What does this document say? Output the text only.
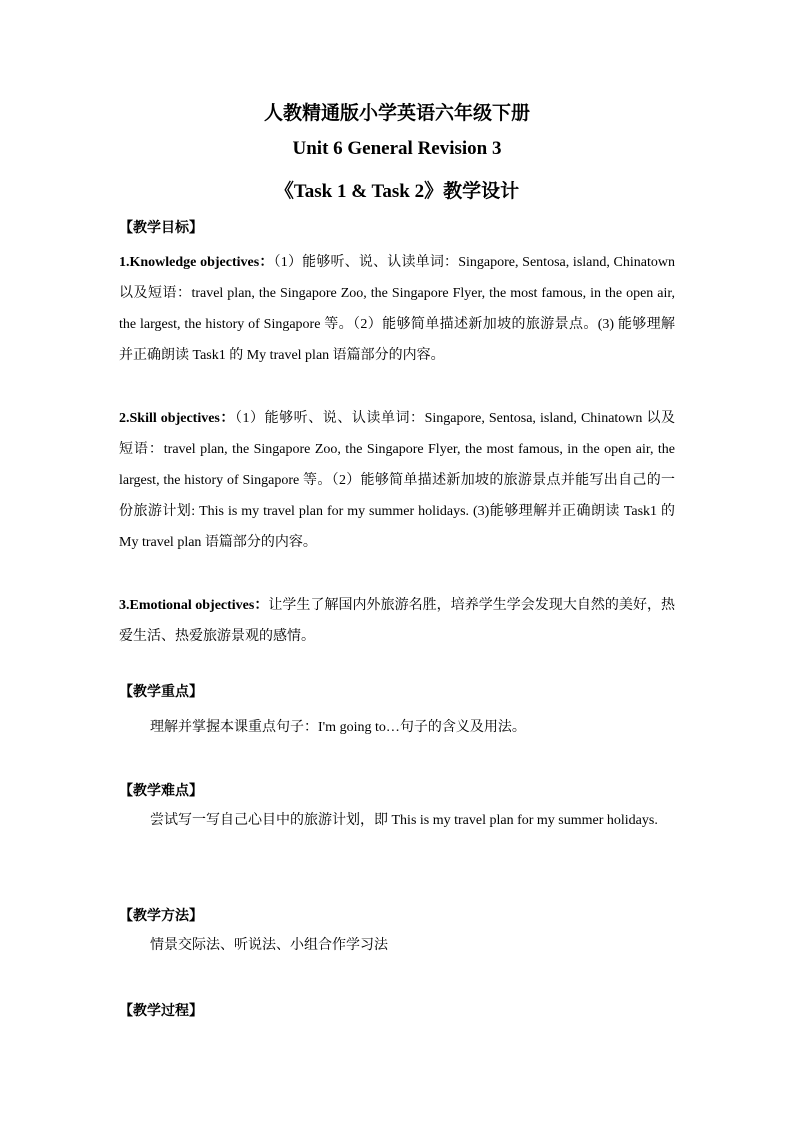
人教精通版小学英语六年级下册
Unit 6 General Revision 3
《Task 1 & Task 2》教学设计
【教学目标】

1.Knowledge objectives：（1）能够听、说、认读单词：Singapore, Sentosa, island, Chinatown 以及短语：travel plan, the Singapore Zoo, the Singapore Flyer, the most famous, in the open air, the largest, the history of Singapore 等。（2）能够简单描述新加坡的旅游景点。(3) 能够理解并正确朗读 Task1 的 My travel plan 语篇部分的内容。

2.Skill objectives：（1）能够听、说、认读单词：Singapore, Sentosa, island, Chinatown 以及短语：travel plan, the Singapore Zoo, the Singapore Flyer, the most famous, in the open air, the largest, the history of Singapore 等。（2）能够简单描述新加坡的旅游景点并能写出自己的一份旅游计划: This is my travel plan for my summer holidays. (3)能够理解并正确朗读 Task1 的 My travel plan 语篇部分的内容。

3.Emotional objectives：让学生了解国内外旅游名胜，培养学生学会发现大自然的美好，热爱生活、热爱旅游景观的感情。

【教学重点】

理解并掌握本课重点句子：I'm going to…句子的含义及用法。

【教学难点】

尝试写一写自己心目中的旅游计划，即 This is my travel plan for my summer holidays.

【教学方法】

情景交际法、听说法、小组合作学习法

【教学过程】
